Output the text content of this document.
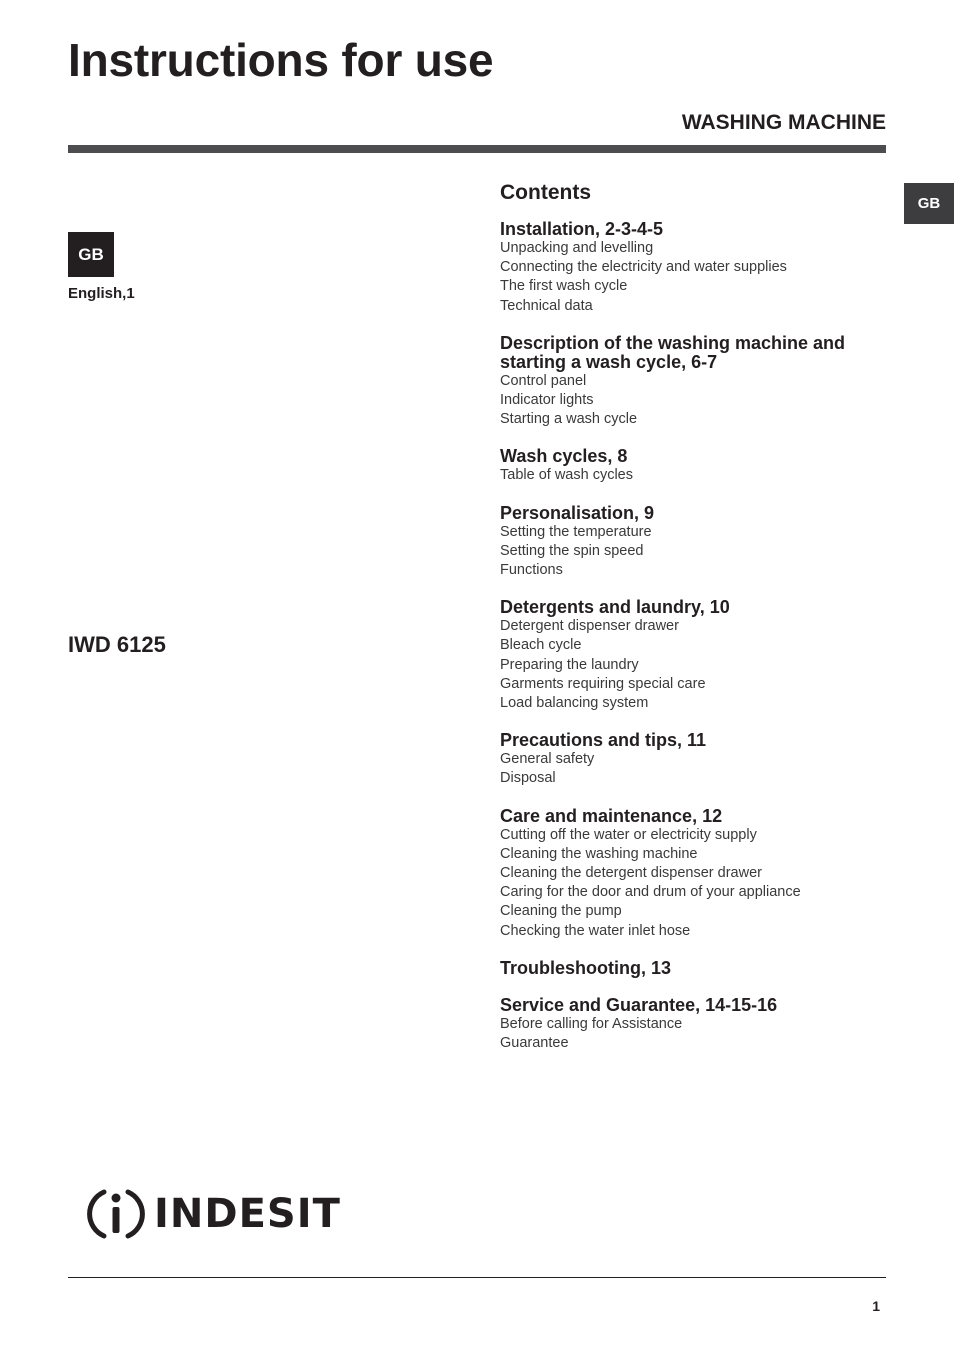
Instructions for use
WASHING MACHINE
GB
GB
English,1
IWD 6125
Contents
Installation, 2-3-4-5
Unpacking and levelling
Connecting the electricity and water supplies
The first wash cycle
Technical data
Description of the washing machine and starting a wash cycle, 6-7
Control panel
Indicator lights
Starting a wash cycle
Wash cycles, 8
Table of wash cycles
Personalisation, 9
Setting the temperature
Setting the spin speed
Functions
Detergents and laundry, 10
Detergent dispenser drawer
Bleach cycle
Preparing the laundry
Garments requiring special care
Load balancing system
Precautions and tips, 11
General safety
Disposal
Care and maintenance, 12
Cutting off the water or electricity supply
Cleaning the washing machine
Cleaning the detergent dispenser drawer
Caring for the door and drum of your appliance
Cleaning the pump
Checking the water inlet hose
Troubleshooting, 13
Service and Guarantee, 14-15-16
Before calling for Assistance
Guarantee
INDESIT
1
